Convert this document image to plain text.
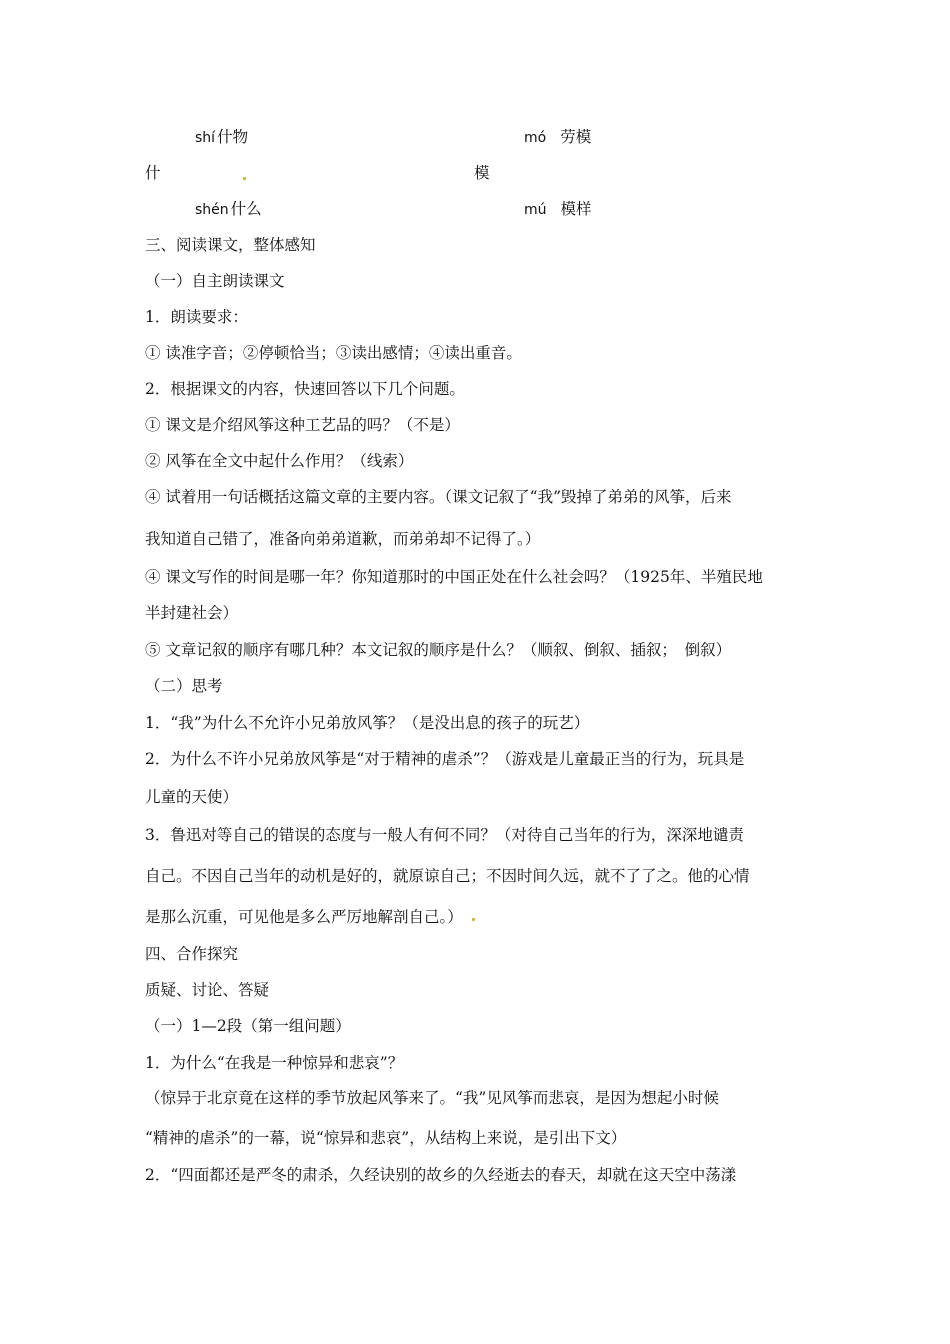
shí 什物
什
shén 什么
mó 劳模
模
mú 模样
三、阅读课文，整体感知
（一）自主朗读课文
1．朗读要求：
① 读准字音；②停顿恰当；③读出感情；④读出重音。
2．根据课文的内容，快速回答以下几个问题。
① 课文是介绍风筝这种工艺品的吗？（不是）
② 风筝在全文中起什么作用？（线索）
④ 试着用一句话概括这篇文章的主要内容。（课文记叙了“我”毁掉了弟弟的风筝，后来
我知道自己错了，准备向弟弟道歉，而弟弟却不记得了。）
④ 课文写作的时间是哪一年？你知道那时的中国正处在什么社会吗？（1925年、半殖民地
半封建社会）
⑤ 文章记叙的顺序有哪几种？本文记叙的顺序是什么？（顺叙、倒叙、插叙；　倒叙）
（二）思考
1．“我”为什么不允许小兄弟放风筝？（是没出息的孩子的玩艺）
2．为什么不许小兄弟放风筝是“对于精神的虐杀”？（游戏是儿童最正当的行为，玩具是
儿童的天使）
3．鲁迅对等自己的错误的态度与一般人有何不同？（对待自己当年的行为，深深地谴责
自己。不因自己当年的动机是好的，就原谅自己；不因时间久远，就不了了之。他的心情
是那么沉重，可见他是多么严厉地解剖自己。）
四、合作探究
质疑、讨论、答疑
（一）1—2段（第一组问题）
1．为什么“在我是一种惊异和悲哀”？
（惊异于北京竟在这样的季节放起风筝来了。“我”见风筝而悲哀，是因为想起小时候
“精神的虐杀”的一幕，说“惊异和悲哀”，从结构上来说，是引出下文）
2．“四面都还是严冬的肃杀，久经诀别的故乡的久经逝去的春天，却就在这天空中荡漾
